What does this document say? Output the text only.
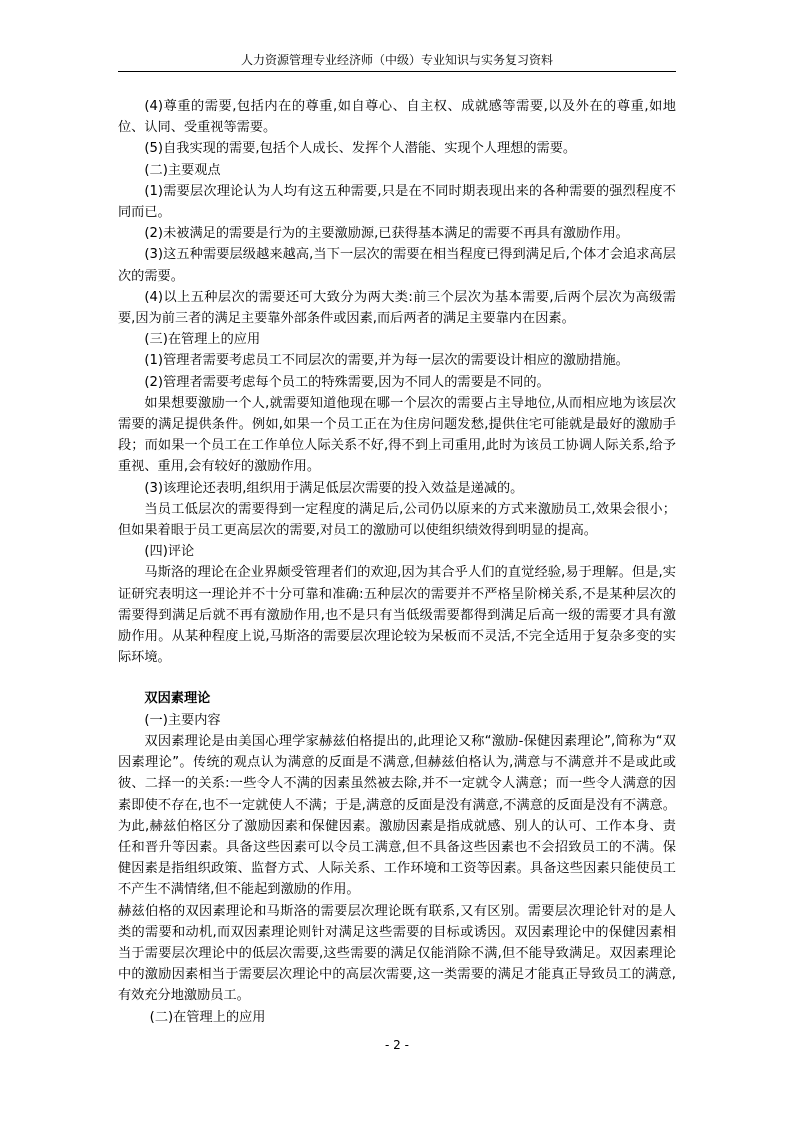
人力资源管理专业经济师（中级）专业知识与实务复习资料

(4)尊重的需要,包括内在的尊重,如自尊心、自主权、成就感等需要,以及外在的尊重,如地位、认同、受重视等需要。

(5)自我实现的需要,包括个人成长、发挥个人潜能、实现个人理想的需要。

(二)主要观点

(1)需要层次理论认为人均有这五种需要,只是在不同时期表现出来的各种需要的强烈程度不同而已。

(2)未被满足的需要是行为的主要激励源,已获得基本满足的需要不再具有激励作用。

(3)这五种需要层级越来越高,当下一层次的需要在相当程度已得到满足后,个体才会追求高层次的需要。

(4)以上五种层次的需要还可大致分为两大类:前三个层次为基本需要,后两个层次为高级需要,因为前三者的满足主要靠外部条件或因素,而后两者的满足主要靠内在因素。

(三)在管理上的应用

(1)管理者需要考虑员工不同层次的需要,并为每一层次的需要设计相应的激励措施。

(2)管理者需要考虑每个员工的特殊需要,因为不同人的需要是不同的。

如果想要激励一个人,就需要知道他现在哪一个层次的需要占主导地位,从而相应地为该层次需要的满足提供条件。例如,如果一个员工正在为住房问题发愁,提供住宅可能就是最好的激励手段；而如果一个员工在工作单位人际关系不好,得不到上司重用,此时为该员工协调人际关系,给予重视、重用,会有较好的激励作用。

(3)该理论还表明,组织用于满足低层次需要的投入效益是递减的。

当员工低层次的需要得到一定程度的满足后,公司仍以原来的方式来激励员工,效果会很小；但如果着眼于员工更高层次的需要,对员工的激励可以使组织绩效得到明显的提高。

(四)评论

马斯洛的理论在企业界颇受管理者们的欢迎,因为其合乎人们的直觉经验,易于理解。但是,实证研究表明这一理论并不十分可靠和准确:五种层次的需要并不严格呈阶梯关系,不是某种层次的需要得到满足后就不再有激励作用,也不是只有当低级需要都得到满足后高一级的需要才具有激励作用。从某种程度上说,马斯洛的需要层次理论较为呆板而不灵活,不完全适用于复杂多变的实际环境。

双因素理论

(一)主要内容

双因素理论是由美国心理学家赫兹伯格提出的,此理论又称“激励-保健因素理论”,简称为“双因素理论”。传统的观点认为满意的反面是不满意,但赫兹伯格认为,满意与不满意并不是或此或彼、二择一的关系:一些令人不满的因素虽然被去除,并不一定就令人满意；而一些令人满意的因素即使不存在,也不一定就使人不满；于是,满意的反面是没有满意,不满意的反面是没有不满意。为此,赫兹伯格区分了激励因素和保健因素。激励因素是指成就感、别人的认可、工作本身、责任和晋升等因素。具备这些因素可以令员工满意,但不具备这些因素也不会招致员工的不满。保健因素是指组织政策、监督方式、人际关系、工作环境和工资等因素。具备这些因素只能使员工不产生不满情绪,但不能起到激励的作用。

赫兹伯格的双因素理论和马斯洛的需要层次理论既有联系,又有区别。需要层次理论针对的是人类的需要和动机,而双因素理论则针对满足这些需要的目标或诱因。双因素理论中的保健因素相当于需要层次理论中的低层次需要,这些需要的满足仅能消除不满,但不能导致满足。双因素理论中的激励因素相当于需要层次理论中的高层次需要,这一类需要的满足才能真正导致员工的满意,有效充分地激励员工。

(二)在管理上的应用

- 2 -
